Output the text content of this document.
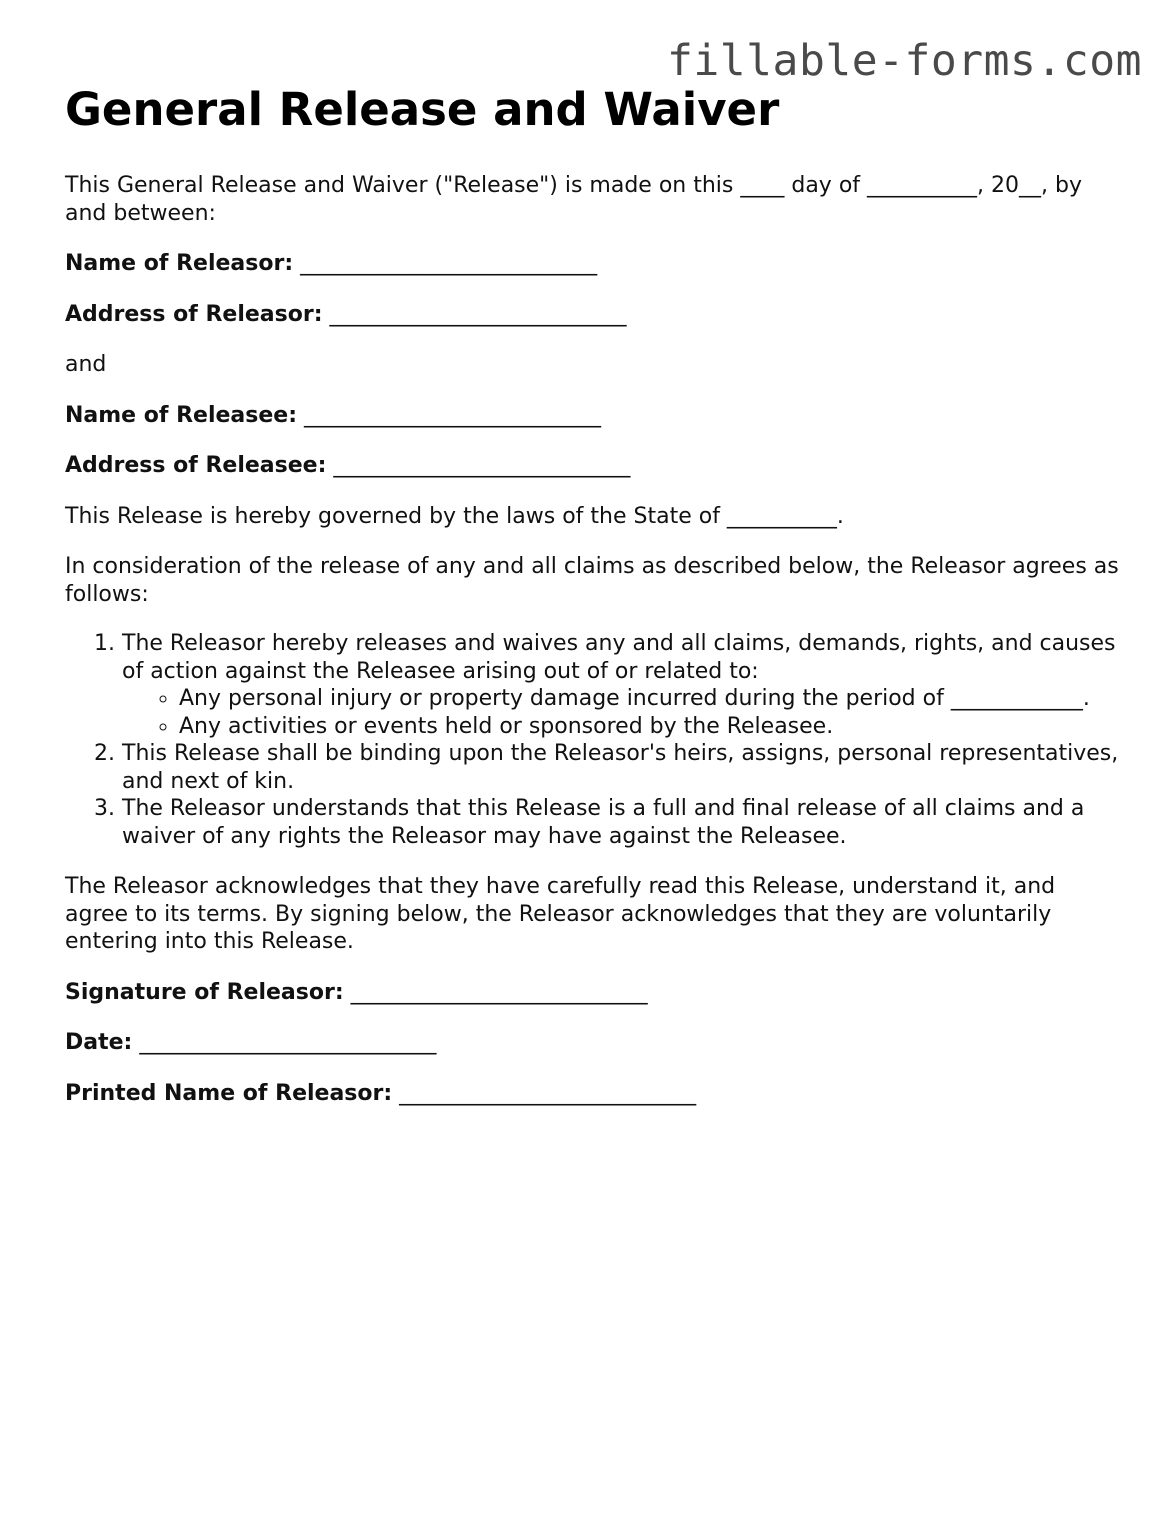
fillable-forms.com
General Release and Waiver

This General Release and Waiver ("Release") is made on this ____ day of __________, 20__, by and between:

Name of Releasor: ___________________________

Address of Releasor: ___________________________

and

Name of Releasee: ___________________________

Address of Releasee: ___________________________

This Release is hereby governed by the laws of the State of __________.

In consideration of the release of any and all claims as described below, the Releasor agrees as follows:

1. The Releasor hereby releases and waives any and all claims, demands, rights, and causes of action against the Releasee arising out of or related to:
◦ Any personal injury or property damage incurred during the period of ____________.
◦ Any activities or events held or sponsored by the Releasee.
2. This Release shall be binding upon the Releasor's heirs, assigns, personal representatives, and next of kin.
3. The Releasor understands that this Release is a full and final release of all claims and a waiver of any rights the Releasor may have against the Releasee.

The Releasor acknowledges that they have carefully read this Release, understand it, and agree to its terms. By signing below, the Releasor acknowledges that they are voluntarily entering into this Release.

Signature of Releasor: ___________________________

Date: ___________________________

Printed Name of Releasor: ___________________________
